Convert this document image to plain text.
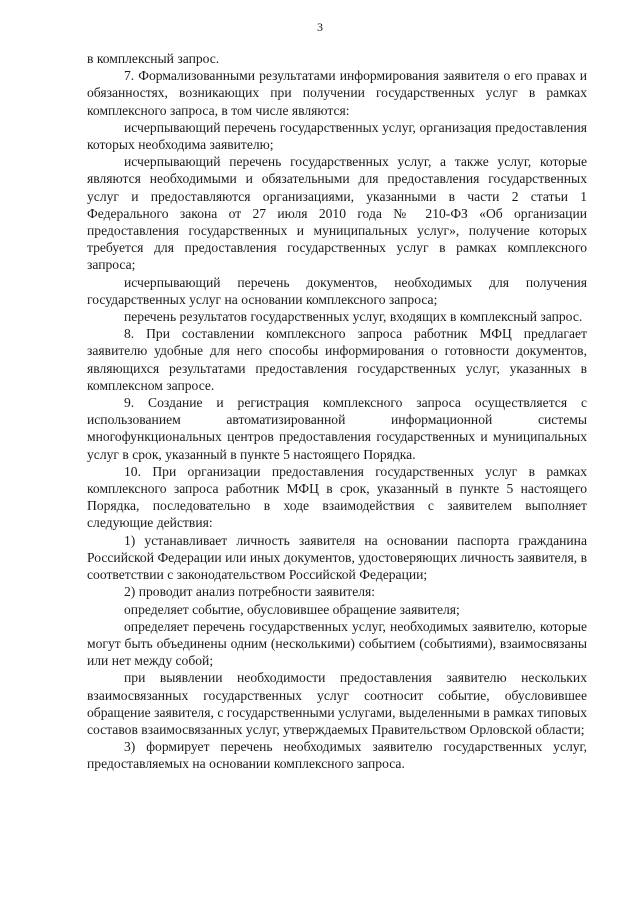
3

в комплексный запрос.

7. Формализованными результатами информирования заявителя о его правах и обязанностях, возникающих при получении государственных услуг в рамках комплексного запроса, в том числе являются:

исчерпывающий перечень государственных услуг, организация предоставления которых необходима заявителю;

исчерпывающий перечень государственных услуг, а также услуг, которые являются необходимыми и обязательными для предоставления государственных услуг и предоставляются организациями, указанными в части 2 статьи 1 Федерального закона от 27 июля 2010 года № 210-ФЗ «Об организации предоставления государственных и муниципальных услуг», получение которых требуется для предоставления государственных услуг в рамках комплексного запроса;

исчерпывающий перечень документов, необходимых для получения государственных услуг на основании комплексного запроса;

перечень результатов государственных услуг, входящих в комплексный запрос.

8. При составлении комплексного запроса работник МФЦ предлагает заявителю удобные для него способы информирования о готовности документов, являющихся результатами предоставления государственных услуг, указанных в комплексном запросе.

9. Создание и регистрация комплексного запроса осуществляется с использованием автоматизированной информационной системы многофункциональных центров предоставления государственных и муниципальных услуг в срок, указанный в пункте 5 настоящего Порядка.

10. При организации предоставления государственных услуг в рамках комплексного запроса работник МФЦ в срок, указанный в пункте 5 настоящего Порядка, последовательно в ходе взаимодействия с заявителем выполняет следующие действия:

1) устанавливает личность заявителя на основании паспорта гражданина Российской Федерации или иных документов, удостоверяющих личность заявителя, в соответствии с законодательством Российской Федерации;

2) проводит анализ потребности заявителя:

определяет событие, обусловившее обращение заявителя;

определяет перечень государственных услуг, необходимых заявителю, которые могут быть объединены одним (несколькими) событием (событиями), взаимосвязаны или нет между собой;

при выявлении необходимости предоставления заявителю нескольких взаимосвязанных государственных услуг соотносит событие, обусловившее обращение заявителя, с государственными услугами, выделенными в рамках типовых составов взаимосвязанных услуг, утверждаемых Правительством Орловской области;

3) формирует перечень необходимых заявителю государственных услуг, предоставляемых на основании комплексного запроса.
